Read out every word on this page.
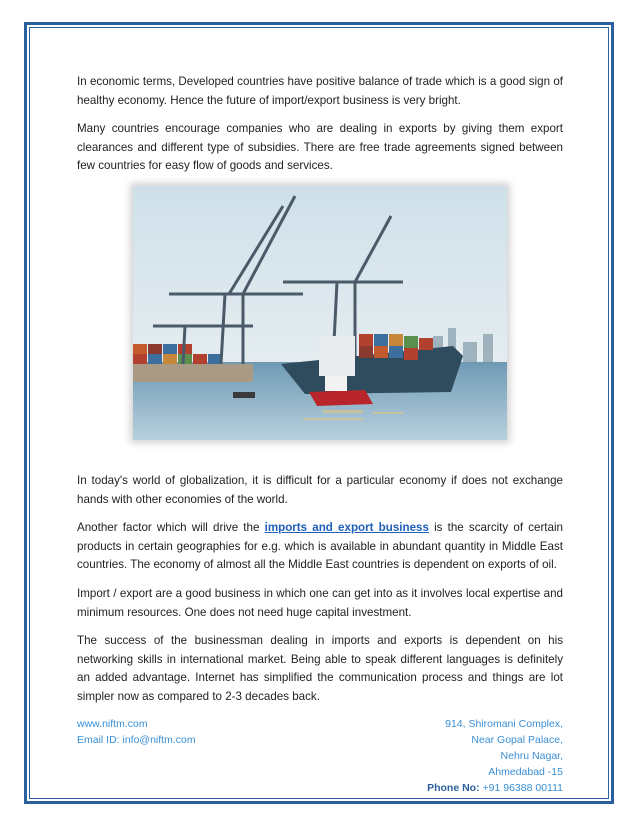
In economic terms, Developed countries have positive balance of trade which is a good sign of healthy economy. Hence the future of import/export business is very bright.

Many countries encourage companies who are dealing in exports by giving them export clearances and different type of subsidies. There are free trade agreements signed between few countries for easy flow of goods and services.

In today's world of globalization, it is difficult for a particular economy if does not exchange hands with other economies of the world.

Another factor which will drive the imports and export business is the scarcity of certain products in certain geographies for e.g. which is available in abundant quantity in Middle East countries. The economy of almost all the Middle East countries is dependent on exports of oil.

Import / export are a good business in which one can get into as it involves local expertise and minimum resources. One does not need huge capital investment.

The success of the businessman dealing in imports and exports is dependent on his networking skills in international market. Being able to speak different languages is definitely an added advantage. Internet has simplified the communication process and things are lot simpler now as compared to 2-3 decades back.

www.niftm.com
Email ID: info@niftm.com
914, Shiromani Complex,
Near Gopal Palace,
Nehru Nagar,
Ahmedabad -15
Phone No: +91 96388 00111
